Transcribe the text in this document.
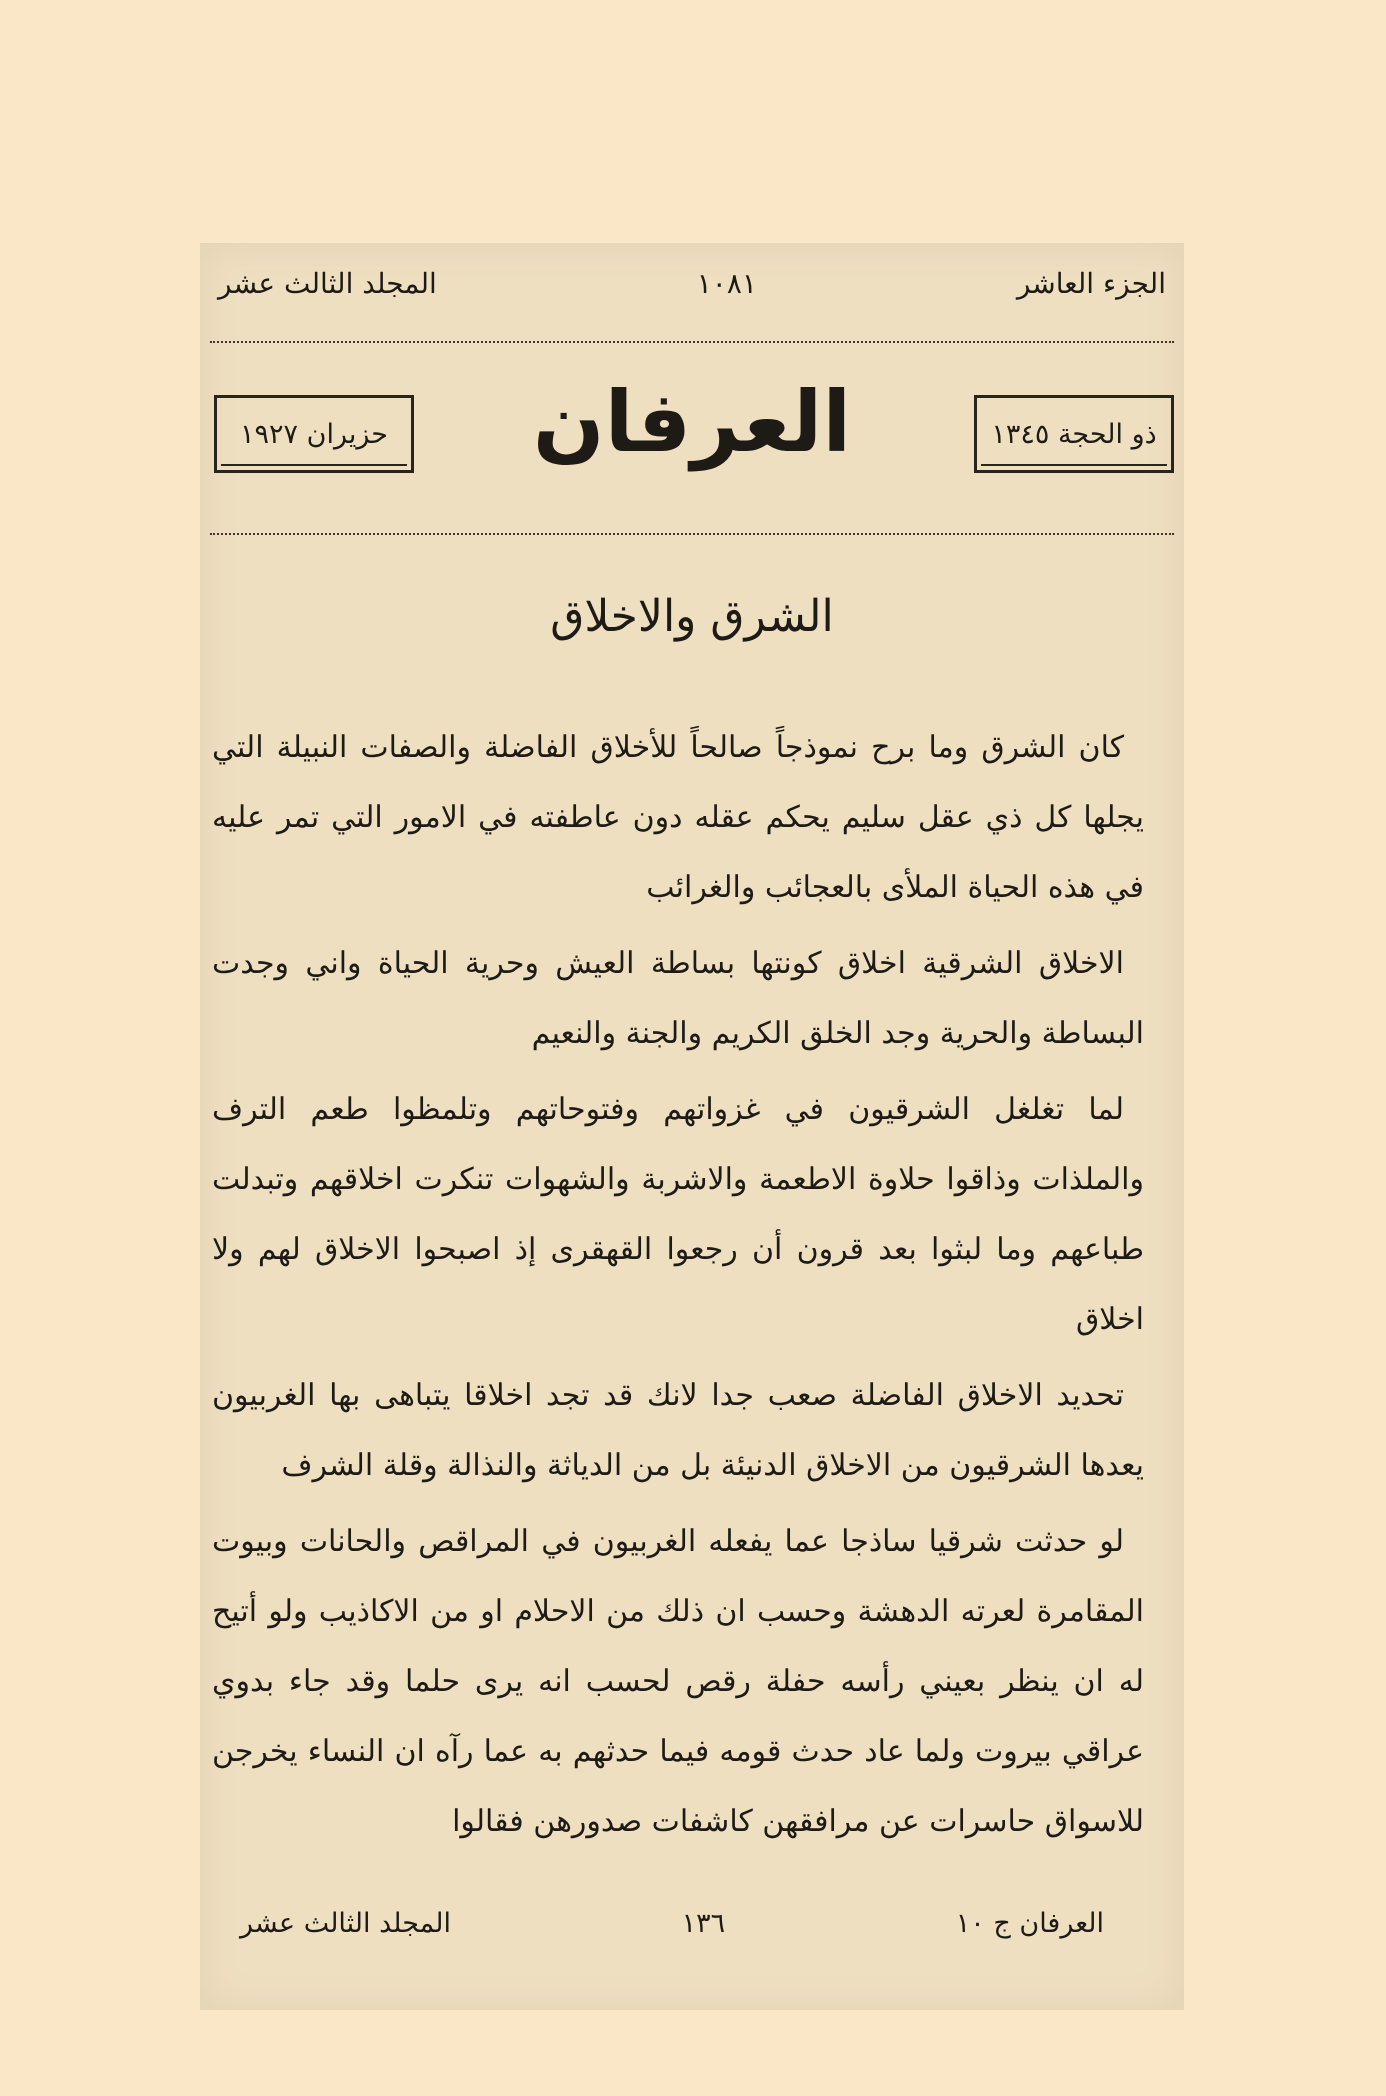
الجزء العاشر
١٠٨١
المجلد الثالث عشر
ذو الحجة ١٣٤٥
العرفان
حزيران ١٩٢٧
الشرق والاخلاق

كان الشرق وما برح نموذجاً صالحاً للأخلاق الفاضلة والصفات النبيلة التي يجلها كل ذي عقل سليم يحكم عقله دون عاطفته في الامور التي تمر عليه في هذه الحياة الملأى بالعجائب والغرائب

الاخلاق الشرقية اخلاق كونتها بساطة العيش وحرية الحياة واني وجدت البساطة والحرية وجد الخلق الكريم والجنة والنعيم

لما تغلغل الشرقيون في غزواتهم وفتوحاتهم وتلمظوا طعم الترف والملذات وذاقوا حلاوة الاطعمة والاشربة والشهوات تنكرت اخلاقهم وتبدلت طباعهم وما لبثوا بعد قرون أن رجعوا القهقرى إذ اصبحوا الاخلاق لهم ولا اخلاق

تحديد الاخلاق الفاضلة صعب جدا لانك قد تجد اخلاقا يتباهى بها الغربيون يعدها الشرقيون من الاخلاق الدنيئة بل من الدياثة والنذالة وقلة الشرف

لو حدثت شرقيا ساذجا عما يفعله الغربيون في المراقص والحانات وبيوت المقامرة لعرته الدهشة وحسب ان ذلك من الاحلام او من الاكاذيب ولو أتيح له ان ينظر بعيني رأسه حفلة رقص لحسب انه يرى حلما وقد جاء بدوي عراقي بيروت ولما عاد حدث قومه فيما حدثهم به عما رآه ان النساء يخرجن للاسواق حاسرات عن مرافقهن كاشفات صدورهن فقالوا

العرفان ج ١٠
١٣٦
المجلد الثالث عشر
